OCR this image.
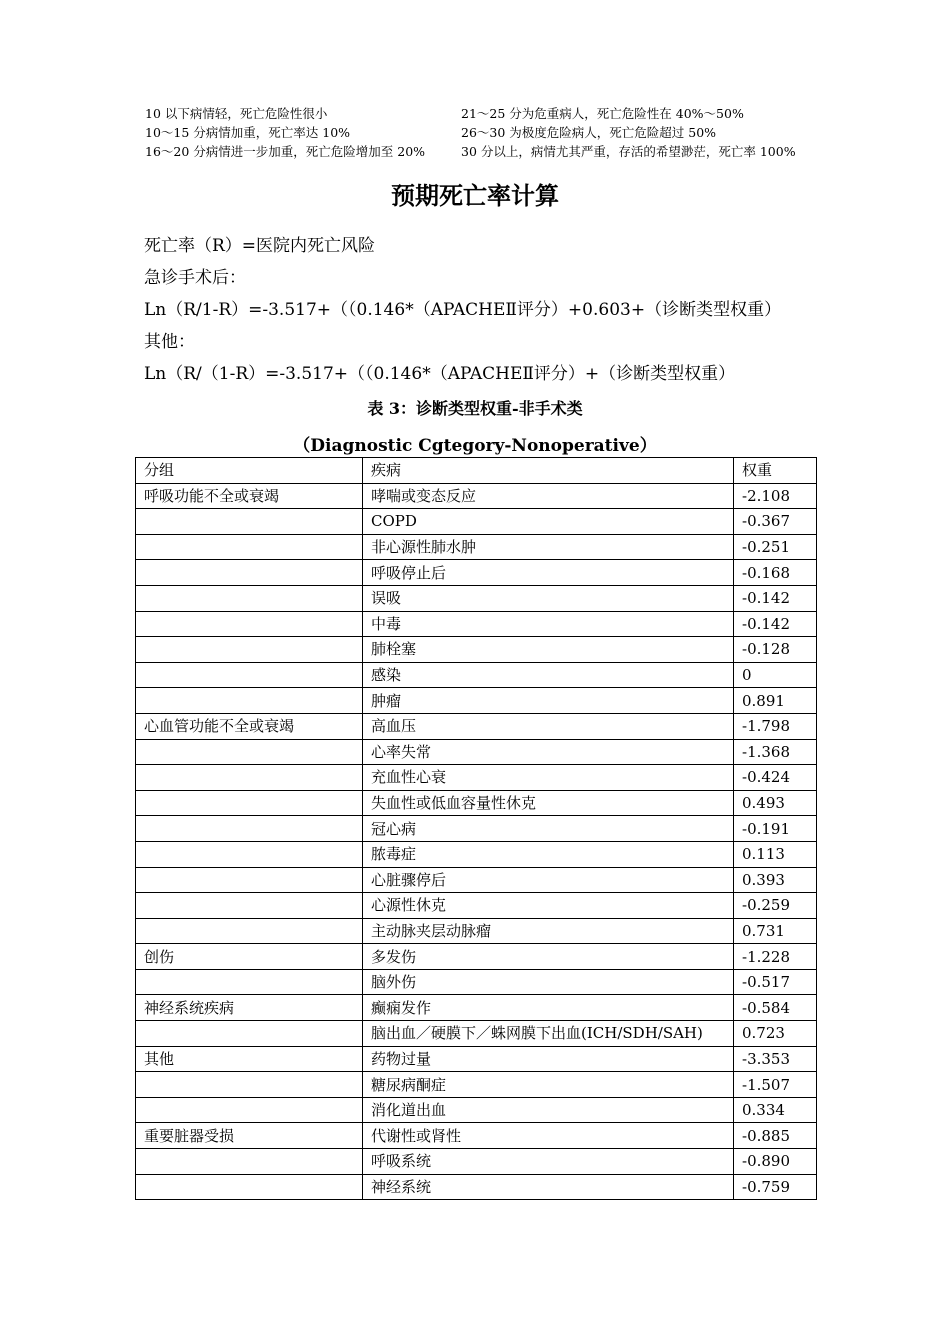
10 以下病情轻，死亡危险性很小	21～25 分为危重病人，死亡危险性在 40%～50%
10～15 分病情加重，死亡率达 10%	26～30 为极度危险病人，死亡危险超过 50%
16～20 分病情进一步加重，死亡危险增加至 20%	30 分以上，病情尤其严重，存活的希望渺茫，死亡率 100%
预期死亡率计算
死亡率（R）=医院内死亡风险
急诊手术后：
Ln（R/1-R）=-3.517+（（0.146*（APACHEⅡ评分）+0.603+（诊断类型权重）
其他：
Ln（R/（1-R）=-3.517+（（0.146*（APACHEⅡ评分）+（诊断类型权重）
表 3：诊断类型权重-非手术类
（Diagnostic Cgtegory-Nonoperative）
分组	疾病	权重
呼吸功能不全或衰竭	哮喘或变态反应	-2.108
	COPD	-0.367
	非心源性肺水肿	-0.251
	呼吸停止后	-0.168
	误吸	-0.142
	中毒	-0.142
	肺栓塞	-0.128
	感染	0
	肿瘤	0.891
心血管功能不全或衰竭	高血压	-1.798
	心率失常	-1.368
	充血性心衰	-0.424
	失血性或低血容量性休克	0.493
	冠心病	-0.191
	脓毒症	0.113
	心脏骤停后	0.393
	心源性休克	-0.259
	主动脉夹层动脉瘤	0.731
创伤	多发伤	-1.228
	脑外伤	-0.517
神经系统疾病	癫痫发作	-0.584
	脑出血／硬膜下／蛛网膜下出血(ICH/SDH/SAH)	0.723
其他	药物过量	-3.353
	糖尿病酮症	-1.507
	消化道出血	0.334
重要脏器受损	代谢性或肾性	-0.885
	呼吸系统	-0.890
	神经系统	-0.759
